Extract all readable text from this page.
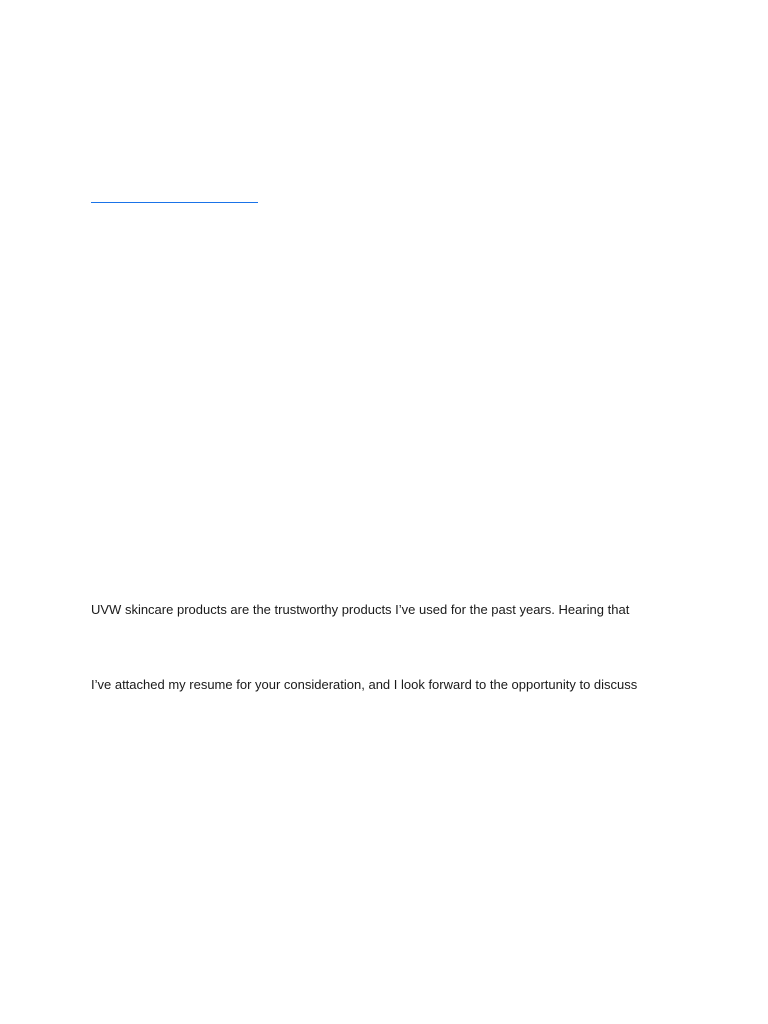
UVW skincare products are the trustworthy products I’ve used for the past years. Hearing that
I’ve attached my resume for your consideration, and I look forward to the opportunity to discuss
